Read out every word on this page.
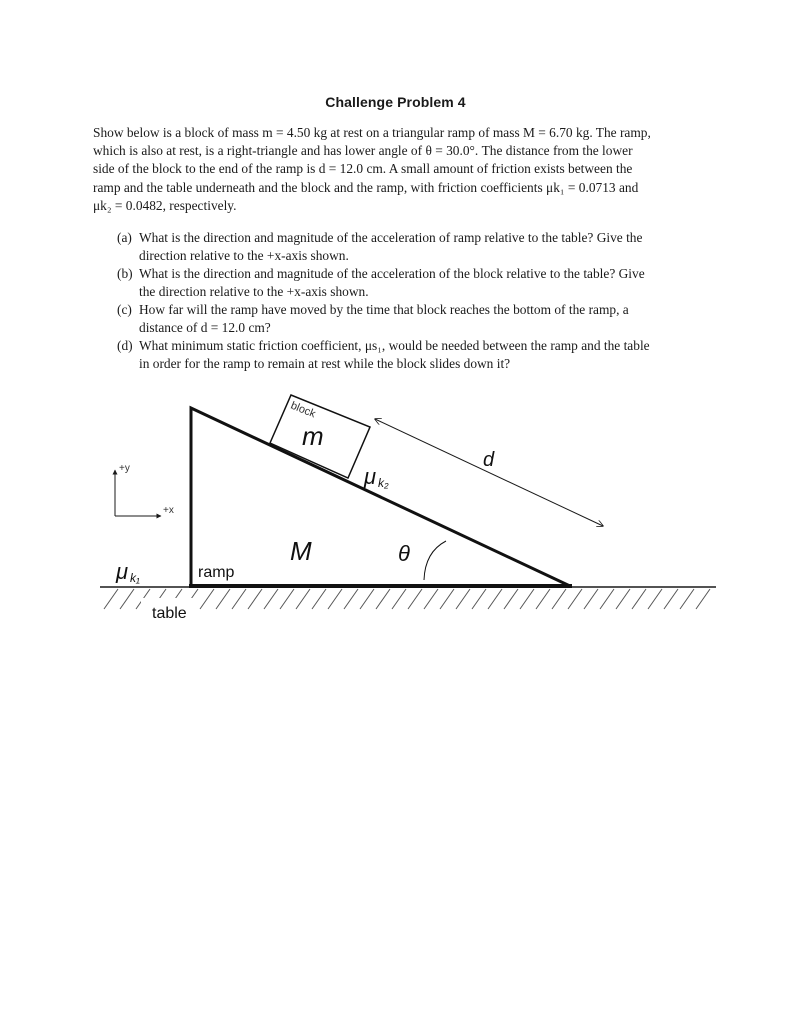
Challenge Problem 4
Show below is a block of mass m = 4.50 kg at rest on a triangular ramp of mass M = 6.70 kg. The ramp,
which is also at rest, is a right-triangle and has lower angle of θ = 30.0°. The distance from the lower
side of the block to the end of the ramp is d = 12.0 cm. A small amount of friction exists between the
ramp and the table underneath and the block and the ramp, with friction coefficients μk₁ = 0.0713 and
μk₂ = 0.0482, respectively.
(a) What is the direction and magnitude of the acceleration of ramp relative to the table? Give the
direction relative to the +x-axis shown.
(b) What is the direction and magnitude of the acceleration of the block relative to the table? Give
the direction relative to the +x-axis shown.
(c) How far will the ramp have moved by the time that block reaches the bottom of the ramp, a
distance of d = 12.0 cm?
(d) What minimum static friction coefficient, μs₁, would be needed between the ramp and the table
in order for the ramp to remain at rest while the block slides down it?
block
m
d
μ k₂
M	θ
ramp
μ k₁
table
+y
+x
